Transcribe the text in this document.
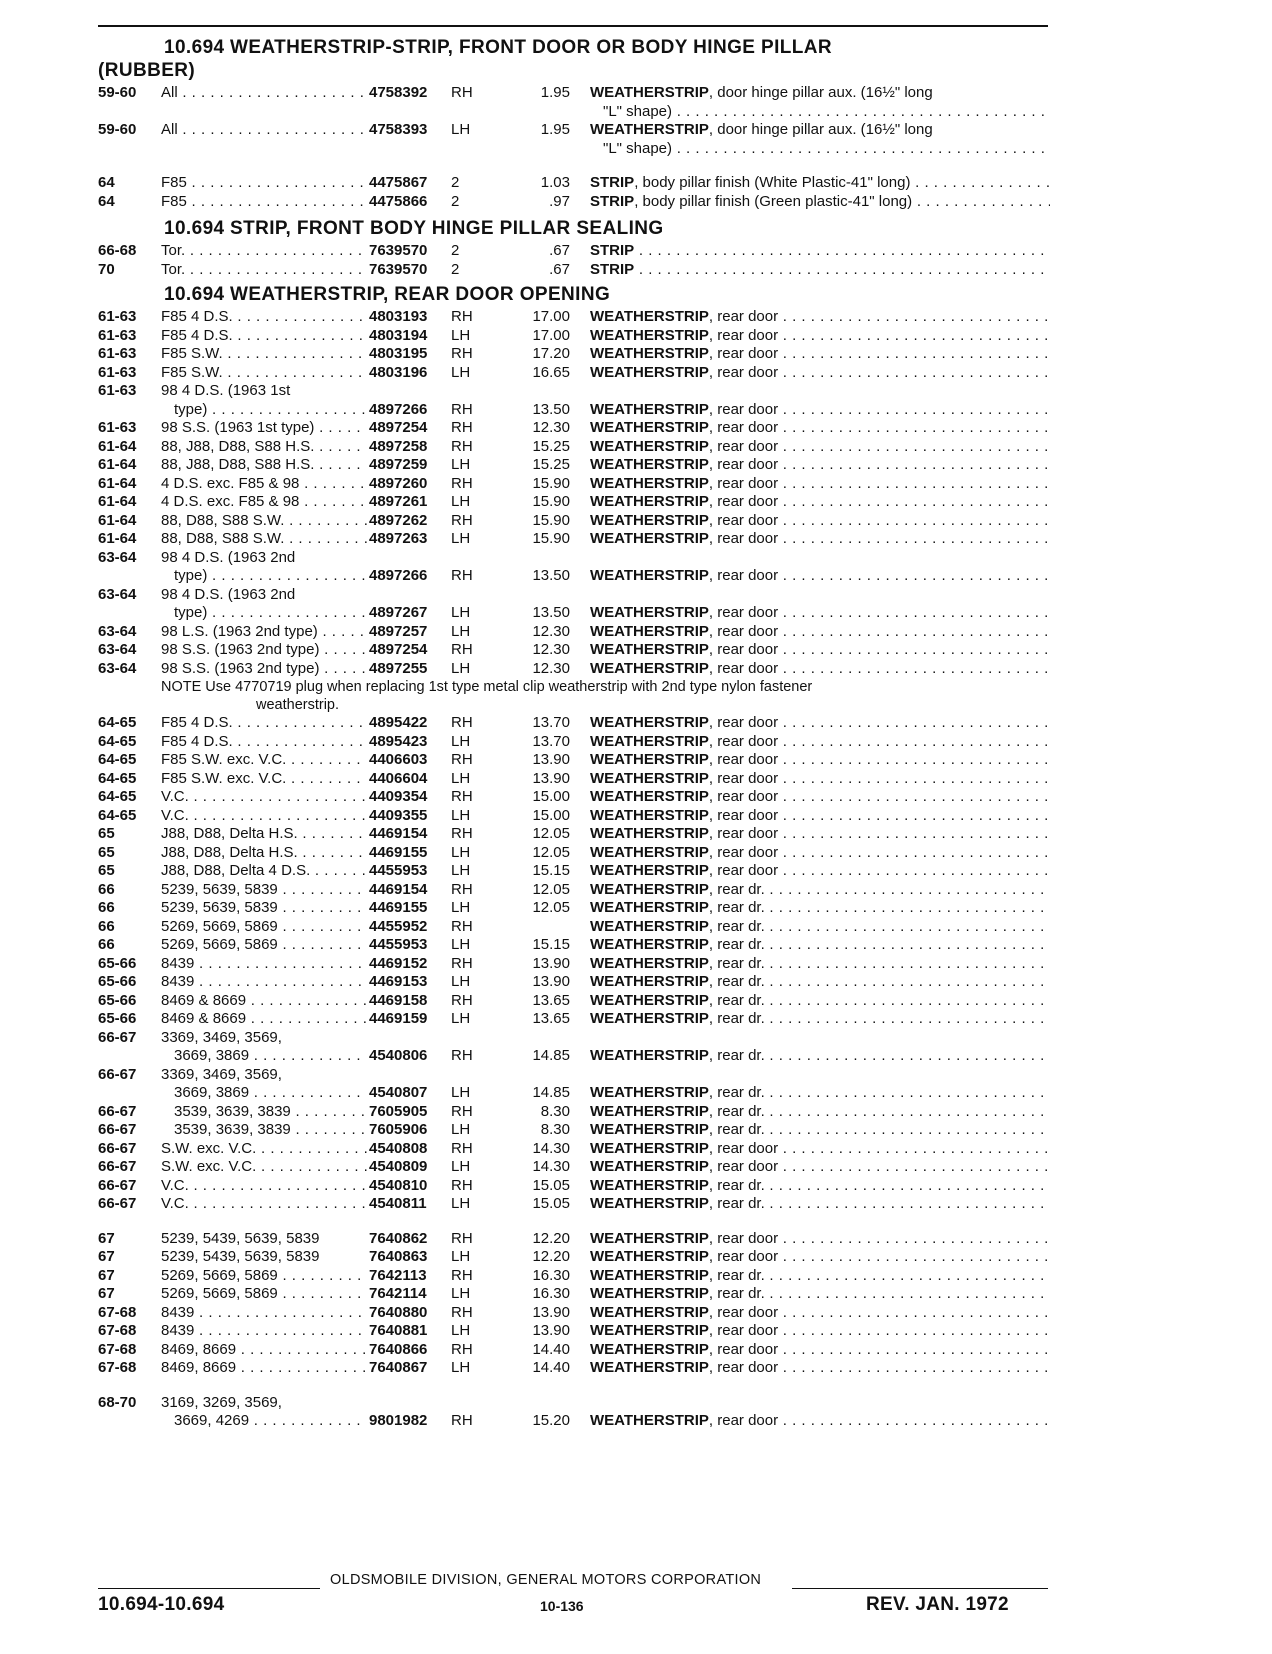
10.694 WEATHERSTRIP-STRIP, FRONT DOOR OR BODY HINGE PILLAR
(RUBBER)
59-60 All . . .	4758392 RH	1.95 WEATHERSTRIP, door hinge pillar aux. (16½" long
"L" shape) . . .
59-60 All . . .	4758393 LH	1.95 WEATHERSTRIP, door hinge pillar aux. (16½" long
"L" shape) . . .
64	F85 . . .	4475867 2	1.03 STRIP, body pillar finish (White Plastic-41" long) . . .
64	F85 . . .	4475866 2	.97 STRIP, body pillar finish (Green plastic-41" long) . . .
10.694 STRIP, FRONT BODY HINGE PILLAR SEALING
66-68 Tor. . . .	7639570 2	.67 STRIP . . .
70	Tor. . . .	7639570 2	.67 STRIP . . .
10.694 WEATHERSTRIP, REAR DOOR OPENING
61-63 F85 4 D.S. . . .	4803193 RH	17.00 WEATHERSTRIP, rear door . . .
61-63 F85 4 D.S. . . .	4803194 LH	17.00 WEATHERSTRIP, rear door . . .
61-63 F85 S.W. . . .	4803195 RH	17.20 WEATHERSTRIP, rear door . . .
61-63 F85 S.W. . . .	4803196 LH	16.65 WEATHERSTRIP, rear door . . .
61-63 98 4 D.S. (1963 1st
type) . . .	4897266 RH	13.50 WEATHERSTRIP, rear door . . .
61-63 98 S.S. (1963 1st type) . . .	4897254 RH	12.30 WEATHERSTRIP, rear door . . .
61-64 88, J88, D88, S88 H.S. . . .	4897258 RH	15.25 WEATHERSTRIP, rear door . . .
61-64 88, J88, D88, S88 H.S. . . .	4897259 LH	15.25 WEATHERSTRIP, rear door . . .
61-64 4 D.S. exc. F85 & 98 . . .	4897260 RH	15.90 WEATHERSTRIP, rear door . . .
61-64 4 D.S. exc. F85 & 98 . . .	4897261 LH	15.90 WEATHERSTRIP, rear door . . .
61-64 88, D88, S88 S.W. . . .	4897262 RH	15.90 WEATHERSTRIP, rear door . . .
61-64 88, D88, S88 S.W. . . .	4897263 LH	15.90 WEATHERSTRIP, rear door . . .
63-64 98 4 D.S. (1963 2nd
type) . . .	4897266 RH	13.50 WEATHERSTRIP, rear door . . .
63-64 98 4 D.S. (1963 2nd
type) . . .	4897267 LH	13.50 WEATHERSTRIP, rear door . . .
63-64 98 L.S. (1963 2nd type) . . .	4897257 LH	12.30 WEATHERSTRIP, rear door . . .
63-64 98 S.S. (1963 2nd type) . . .	4897254 RH	12.30 WEATHERSTRIP, rear door . . .
63-64 98 S.S. (1963 2nd type) . . .	4897255 LH	12.30 WEATHERSTRIP, rear door . . .
NOTE Use 4770719 plug when replacing 1st type metal clip weatherstrip with 2nd type nylon fastener
weatherstrip.
64-65 F85 4 D.S. . . .	4895422 RH	13.70 WEATHERSTRIP, rear door . . .
64-65 F85 4 D.S. . . .	4895423 LH	13.70 WEATHERSTRIP, rear door . . .
64-65 F85 S.W. exc. V.C. . . .	4406603 RH	13.90 WEATHERSTRIP, rear door . . .
64-65 F85 S.W. exc. V.C. . . .	4406604 LH	13.90 WEATHERSTRIP, rear door . . .
64-65 V.C. . . .	4409354 RH	15.00 WEATHERSTRIP, rear door . . .
64-65 V.C. . . .	4409355 LH	15.00 WEATHERSTRIP, rear door . . .
65	J88, D88, Delta H.S. . . .	4469154 RH	12.05 WEATHERSTRIP, rear door . . .
65	J88, D88, Delta H.S. . . .	4469155 LH	12.05 WEATHERSTRIP, rear door . . .
65	J88, D88, Delta 4 D.S. . . .	4455953 LH	15.15 WEATHERSTRIP, rear door . . .
66	5239, 5639, 5839 . . .	4469154 RH	12.05 WEATHERSTRIP, rear dr. . . .
66	5239, 5639, 5839 . . .	4469155 LH	12.05 WEATHERSTRIP, rear dr. . . .
66	5269, 5669, 5869 . . .	4455952 RH	WEATHERSTRIP, rear dr. . . .
66	5269, 5669, 5869 . . .	4455953 LH	15.15 WEATHERSTRIP, rear dr. . . .
65-66 8439 . . .	4469152 RH	13.90 WEATHERSTRIP, rear dr. . . .
65-66 8439 . . .	4469153 LH	13.90 WEATHERSTRIP, rear dr. . . .
65-66 8469 & 8669 . . .	4469158 RH	13.65 WEATHERSTRIP, rear dr. . . .
65-66 8469 & 8669 . . .	4469159 LH	13.65 WEATHERSTRIP, rear dr. . . .
66-67 3369, 3469, 3569,
3669, 3869 . . .	4540806 RH	14.85 WEATHERSTRIP, rear dr. . . .
66-67 3369, 3469, 3569,
3669, 3869 . . .	4540807 LH	14.85 WEATHERSTRIP, rear dr. . . .
66-67	3539, 3639, 3839 . . .	7605905 RH	8.30 WEATHERSTRIP, rear dr. . . .
66-67	3539, 3639, 3839 . . .	7605906 LH	8.30 WEATHERSTRIP, rear dr. . . .
66-67 S.W. exc. V.C. . . .	4540808 RH	14.30 WEATHERSTRIP, rear door . . .
66-67 S.W. exc. V.C. . . .	4540809 LH	14.30 WEATHERSTRIP, rear door . . .
66-67 V.C. . . .	4540810 RH	15.05 WEATHERSTRIP, rear dr. . . .
66-67 V.C. . . .	4540811 LH	15.05 WEATHERSTRIP, rear dr. . . .
67	5239, 5439, 5639, 5839	7640862 RH	12.20 WEATHERSTRIP, rear door . . .
67	5239, 5439, 5639, 5839	7640863 LH	12.20 WEATHERSTRIP, rear door . . .
67	5269, 5669, 5869 . . .	7642113 RH	16.30 WEATHERSTRIP, rear dr. . . .
67	5269, 5669, 5869 . . .	7642114 LH	16.30 WEATHERSTRIP, rear dr. . . .
67-68 8439 . . .	7640880 RH	13.90 WEATHERSTRIP, rear door . . .
67-68 8439 . . .	7640881 LH	13.90 WEATHERSTRIP, rear door . . .
67-68 8469, 8669 . . .	7640866 RH	14.40 WEATHERSTRIP, rear door . . .
67-68 8469, 8669 . . .	7640867 LH	14.40 WEATHERSTRIP, rear door . . .
68-70 3169, 3269, 3569,
3669, 4269 . . .	9801982 RH	15.20 WEATHERSTRIP, rear door . . .
OLDSMOBILE DIVISION, GENERAL MOTORS CORPORATION
10.694-10.694	10-136	REV. JAN. 1972
